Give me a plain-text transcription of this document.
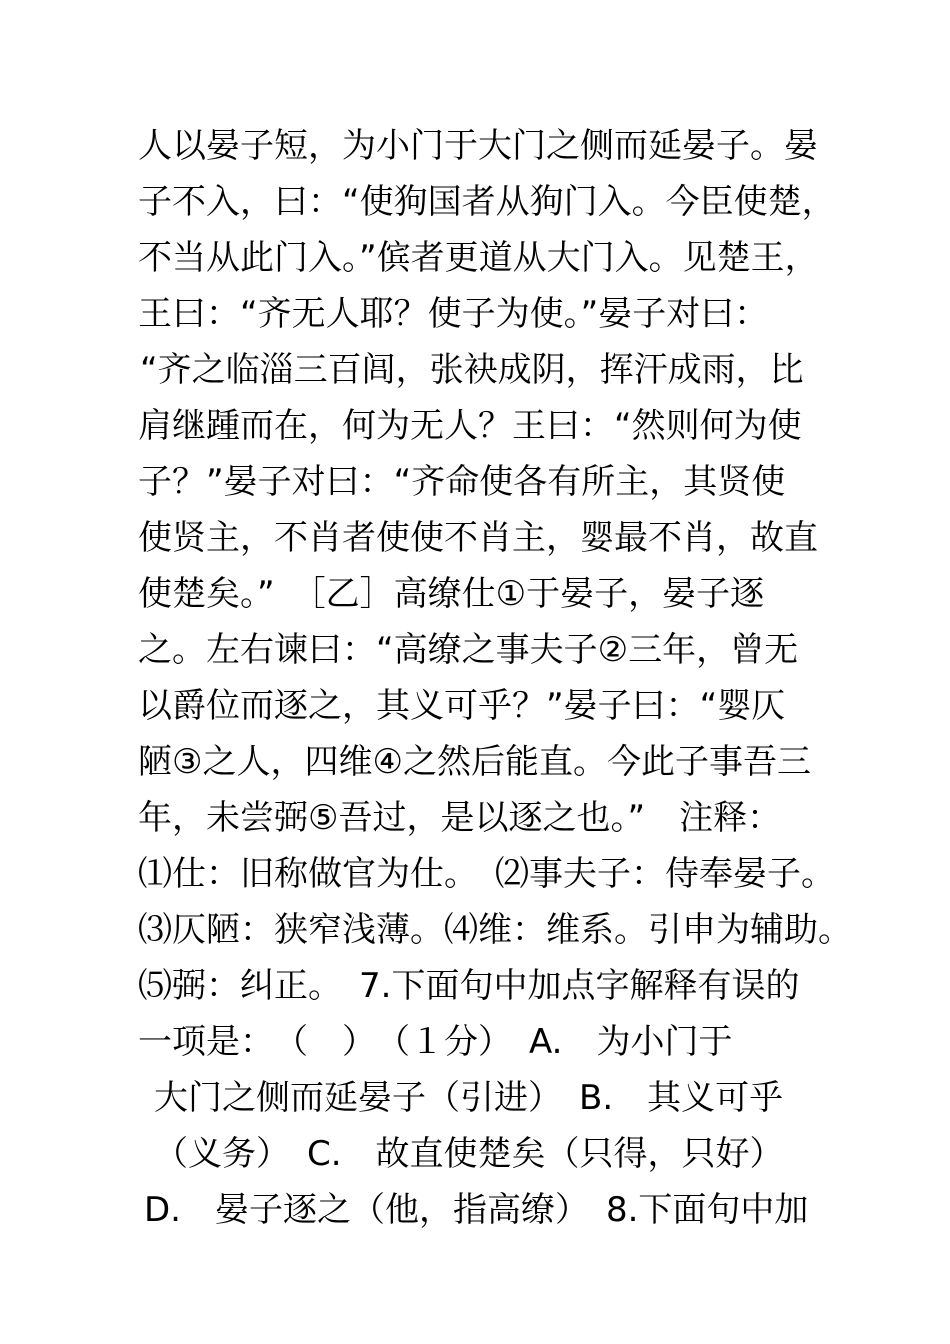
人以晏子短，为小门于大门之侧而延晏子。晏
子不入，曰：“使狗国者从狗门入。今臣使楚，
不当从此门入。”傧者更道从大门入。见楚王，
王曰：“齐无人耶？使子为使。”晏子对曰：
“齐之临淄三百闾，张袂成阴，挥汗成雨，比
肩继踵而在，何为无人？王曰：“然则何为使
子？”晏子对曰：“齐命使各有所主，其贤使
使贤主，不肖者使使不肖主，婴最不肖，故直
使楚矣。”　［乙］高缭仕①于晏子，晏子逐
之。左右谏曰：“高缭之事夫子②三年，曾无
以爵位而逐之，其义可乎？”晏子曰：“婴仄
陋③之人，四维④之然后能直。今此子事吾三
年，未尝弼⑤吾过，是以逐之也。”　注释：
⑴仕：旧称做官为仕。　⑵事夫子：侍奉晏子。
⑶仄陋：狭窄浅薄。⑷维：维系。引申为辅助。
⑸弼：纠正。　7.下面句中加点字解释有误的
一项是：　（　）　（１分）　A.　为小门于
大门之侧而延晏子（引进）　B.　其义可乎
（义务）　C.　故直使楚矣（只得，只好）
D.　晏子逐之（他，指高缭）　8.下面句中加
